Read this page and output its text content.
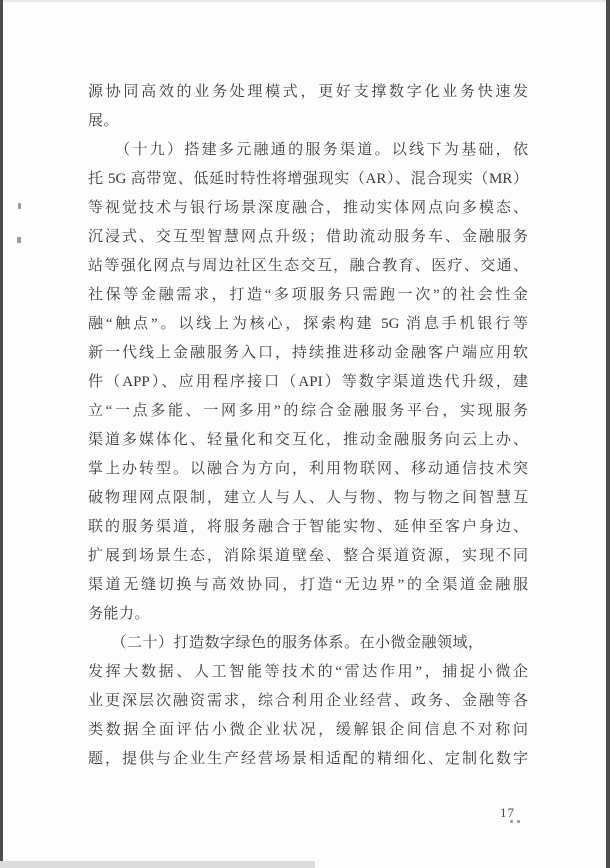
源协同高效的业务处理模式，更好支撑数字化业务快速发
展。
　　（十九）搭建多元融通的服务渠道。以线下为基础，依
托 5G 高带宽、低延时特性将增强现实（AR）、混合现实（MR）
等视觉技术与银行场景深度融合，推动实体网点向多模态、
沉浸式、交互型智慧网点升级；借助流动服务车、金融服务
站等强化网点与周边社区生态交互，融合教育、医疗、交通、
社保等金融需求，打造“多项服务只需跑一次”的社会性金
融“触点”。以线上为核心，探索构建 5G 消息手机银行等
新一代线上金融服务入口，持续推进移动金融客户端应用软
件（APP）、应用程序接口（API）等数字渠道迭代升级，建
立“一点多能、一网多用”的综合金融服务平台，实现服务
渠道多媒体化、轻量化和交互化，推动金融服务向云上办、
掌上办转型。以融合为方向，利用物联网、移动通信技术突
破物理网点限制，建立人与人、人与物、物与物之间智慧互
联的服务渠道，将服务融合于智能实物、延伸至客户身边、
扩展到场景生态，消除渠道壁垒、整合渠道资源，实现不同
渠道无缝切换与高效协同，打造“无边界”的全渠道金融服
务能力。
　　（二十）打造数字绿色的服务体系。在小微金融领域，
发挥大数据、人工智能等技术的“雷达作用”，捕捉小微企
业更深层次融资需求，综合利用企业经营、政务、金融等各
类数据全面评估小微企业状况，缓解银企间信息不对称问
题，提供与企业生产经营场景相适配的精细化、定制化数字
17
